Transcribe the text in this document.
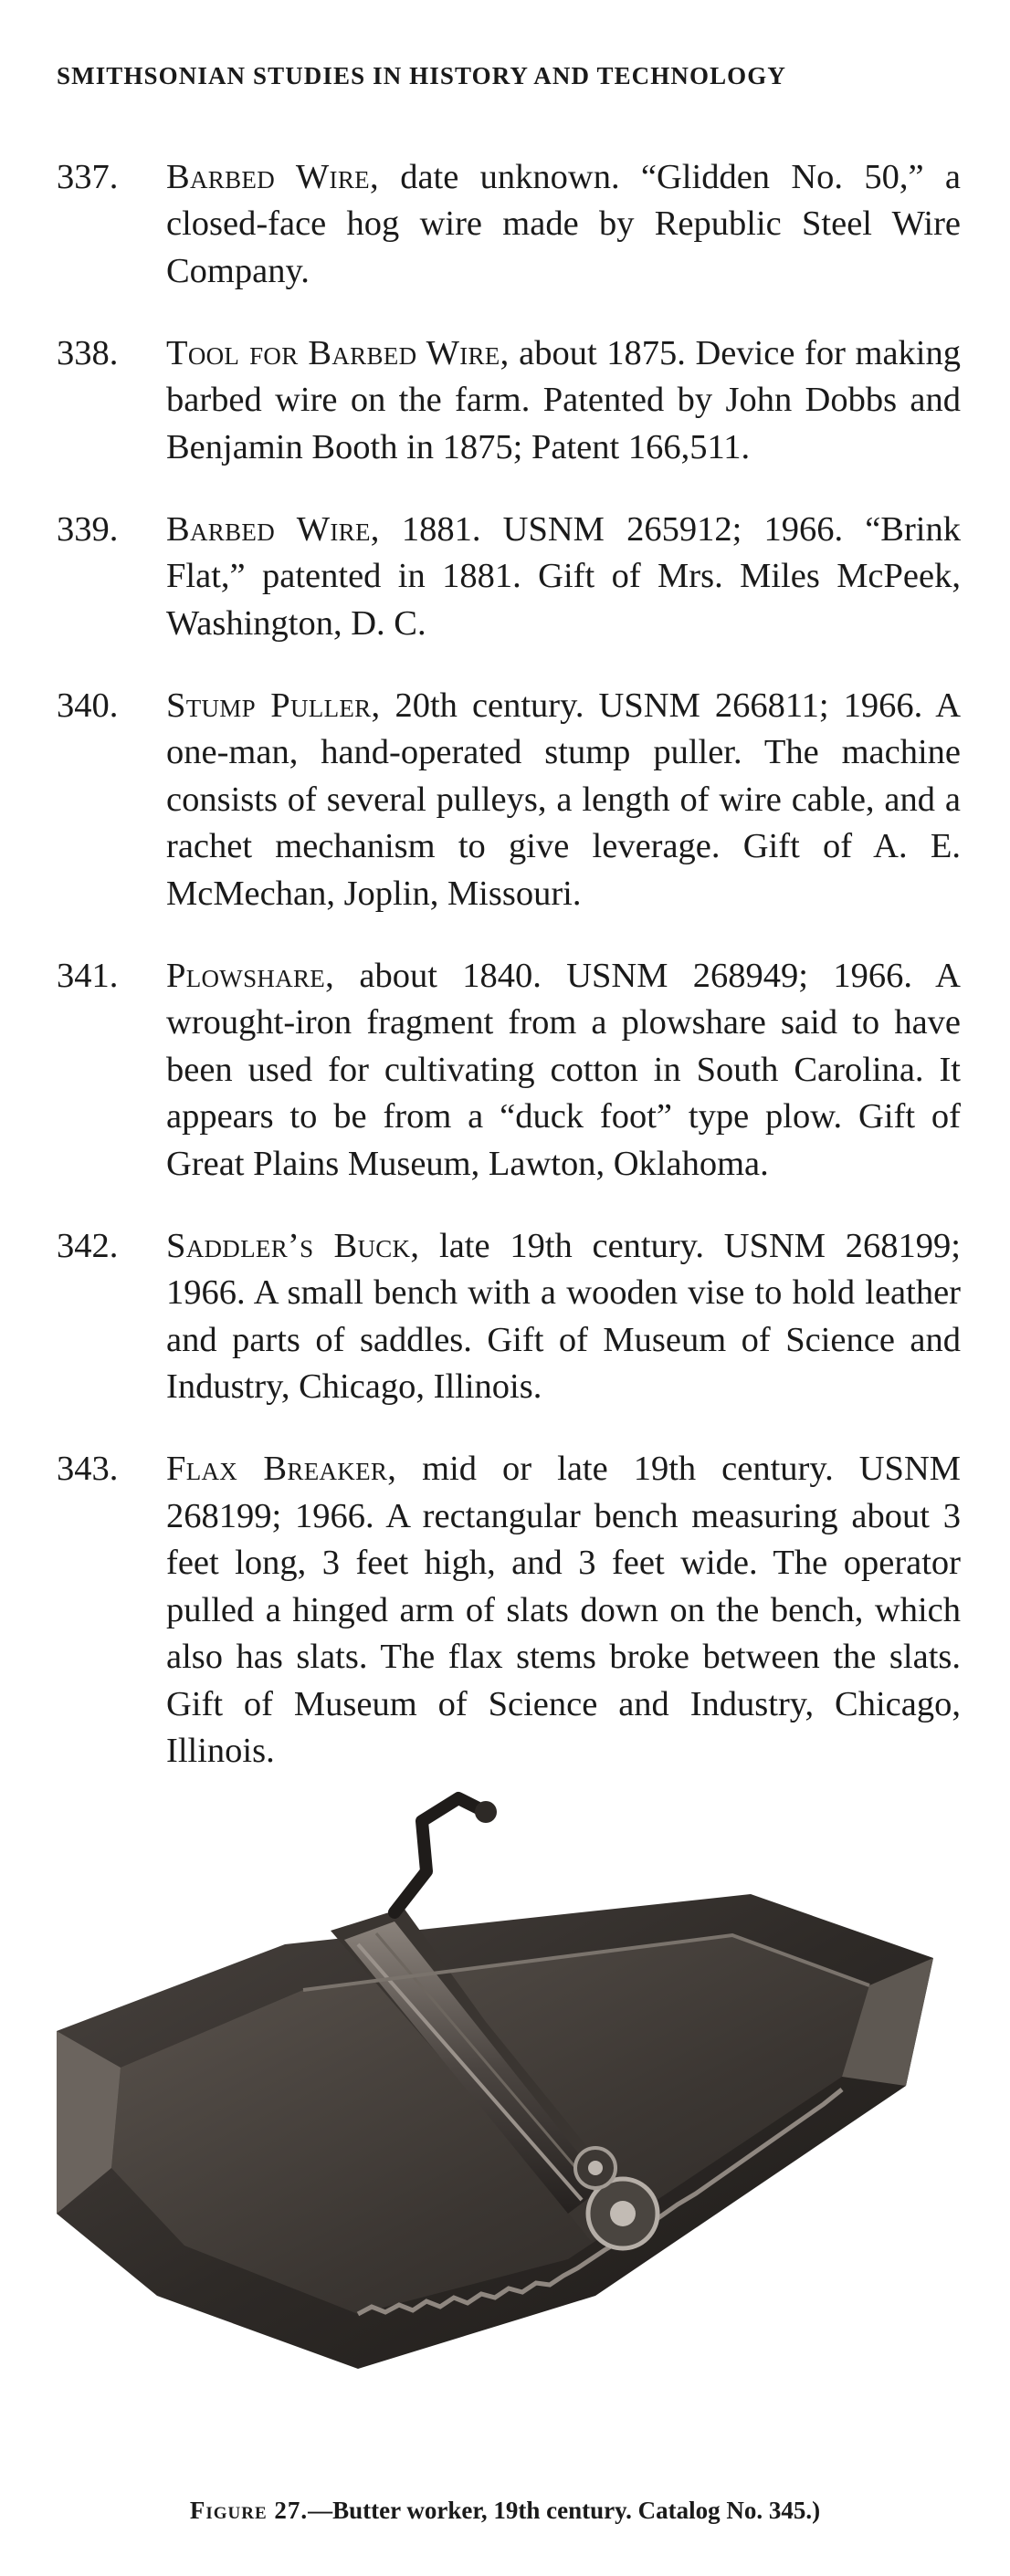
SMITHSONIAN STUDIES IN HISTORY AND TECHNOLOGY

337.	Barbed Wire, date unknown. “Glidden No. 50,” a closed-face hog wire made by Republic Steel Wire Company.

338.	Tool for Barbed Wire, about 1875. Device for making barbed wire on the farm. Patented by John Dobbs and Benjamin Booth in 1875; Patent 166,511.

339.	Barbed Wire, 1881. USNM 265912; 1966. “Brink Flat,” patented in 1881. Gift of Mrs. Miles McPeek, Washington, D. C.

340.	Stump Puller, 20th century. USNM 266811; 1966. A one-man, hand-operated stump puller. The machine consists of several pulleys, a length of wire cable, and a rachet mechanism to give leverage. Gift of A. E. McMechan, Joplin, Missouri.

341.	Plowshare, about 1840. USNM 268949; 1966. A wrought-iron fragment from a plowshare said to have been used for cultivating cotton in South Carolina. It appears to be from a “duck foot” type plow. Gift of Great Plains Museum, Lawton, Oklahoma.

342.	Saddler’s Buck, late 19th century. USNM 268199; 1966. A small bench with a wooden vise to hold leather and parts of saddles. Gift of Museum of Science and Industry, Chicago, Illinois.

343.	Flax Breaker, mid or late 19th century. USNM 268199; 1966. A rectangular bench measuring about 3 feet long, 3 feet high, and 3 feet wide. The operator pulled a hinged arm of slats down on the bench, which also has slats. The flax stems broke between the slats. Gift of Museum of Science and Industry, Chicago, Illinois.

Figure 27.—Butter worker, 19th century. Catalog No. 345.)
